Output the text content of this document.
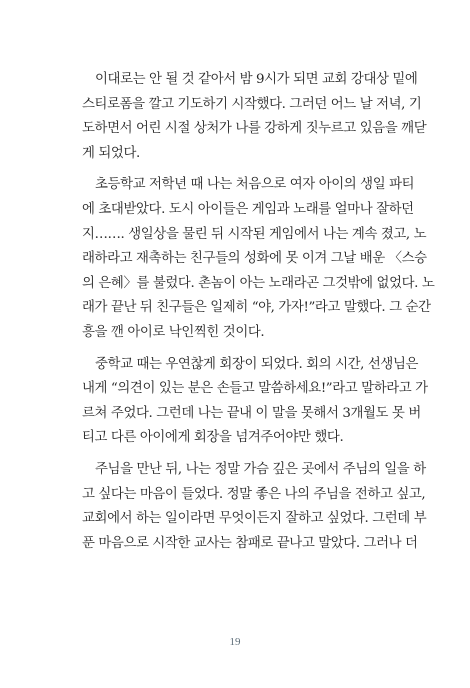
이대로는 안 될 것 같아서 밤 9시가 되면 교회 강대상 밑에
스티로폼을 깔고 기도하기 시작했다. 그러던 어느 날 저녁, 기
도하면서 어린 시절 상처가 나를 강하게 짓누르고 있음을 깨닫
게 되었다.

초등학교 저학년 때 나는 처음으로 여자 아이의 생일 파티
에 초대받았다. 도시 아이들은 게임과 노래를 얼마나 잘하던
지……. 생일상을 물린 뒤 시작된 게임에서 나는 계속 졌고, 노
래하라고 재촉하는 친구들의 성화에 못 이겨 그날 배운 〈스승
의 은혜〉를 불렀다. 촌놈이 아는 노래라곤 그것밖에 없었다. 노
래가 끝난 뒤 친구들은 일제히 “야, 가자!”라고 말했다. 그 순간
흥을 깬 아이로 낙인찍힌 것이다.

중학교 때는 우연찮게 회장이 되었다. 회의 시간, 선생님은
내게 “의견이 있는 분은 손들고 말씀하세요!”라고 말하라고 가
르쳐 주었다. 그런데 나는 끝내 이 말을 못해서 3개월도 못 버
티고 다른 아이에게 회장을 넘겨주어야만 했다.

주님을 만난 뒤, 나는 정말 가슴 깊은 곳에서 주님의 일을 하
고 싶다는 마음이 들었다. 정말 좋은 나의 주님을 전하고 싶고,
교회에서 하는 일이라면 무엇이든지 잘하고 싶었다. 그런데 부
푼 마음으로 시작한 교사는 참패로 끝나고 말았다. 그러나 더

19
